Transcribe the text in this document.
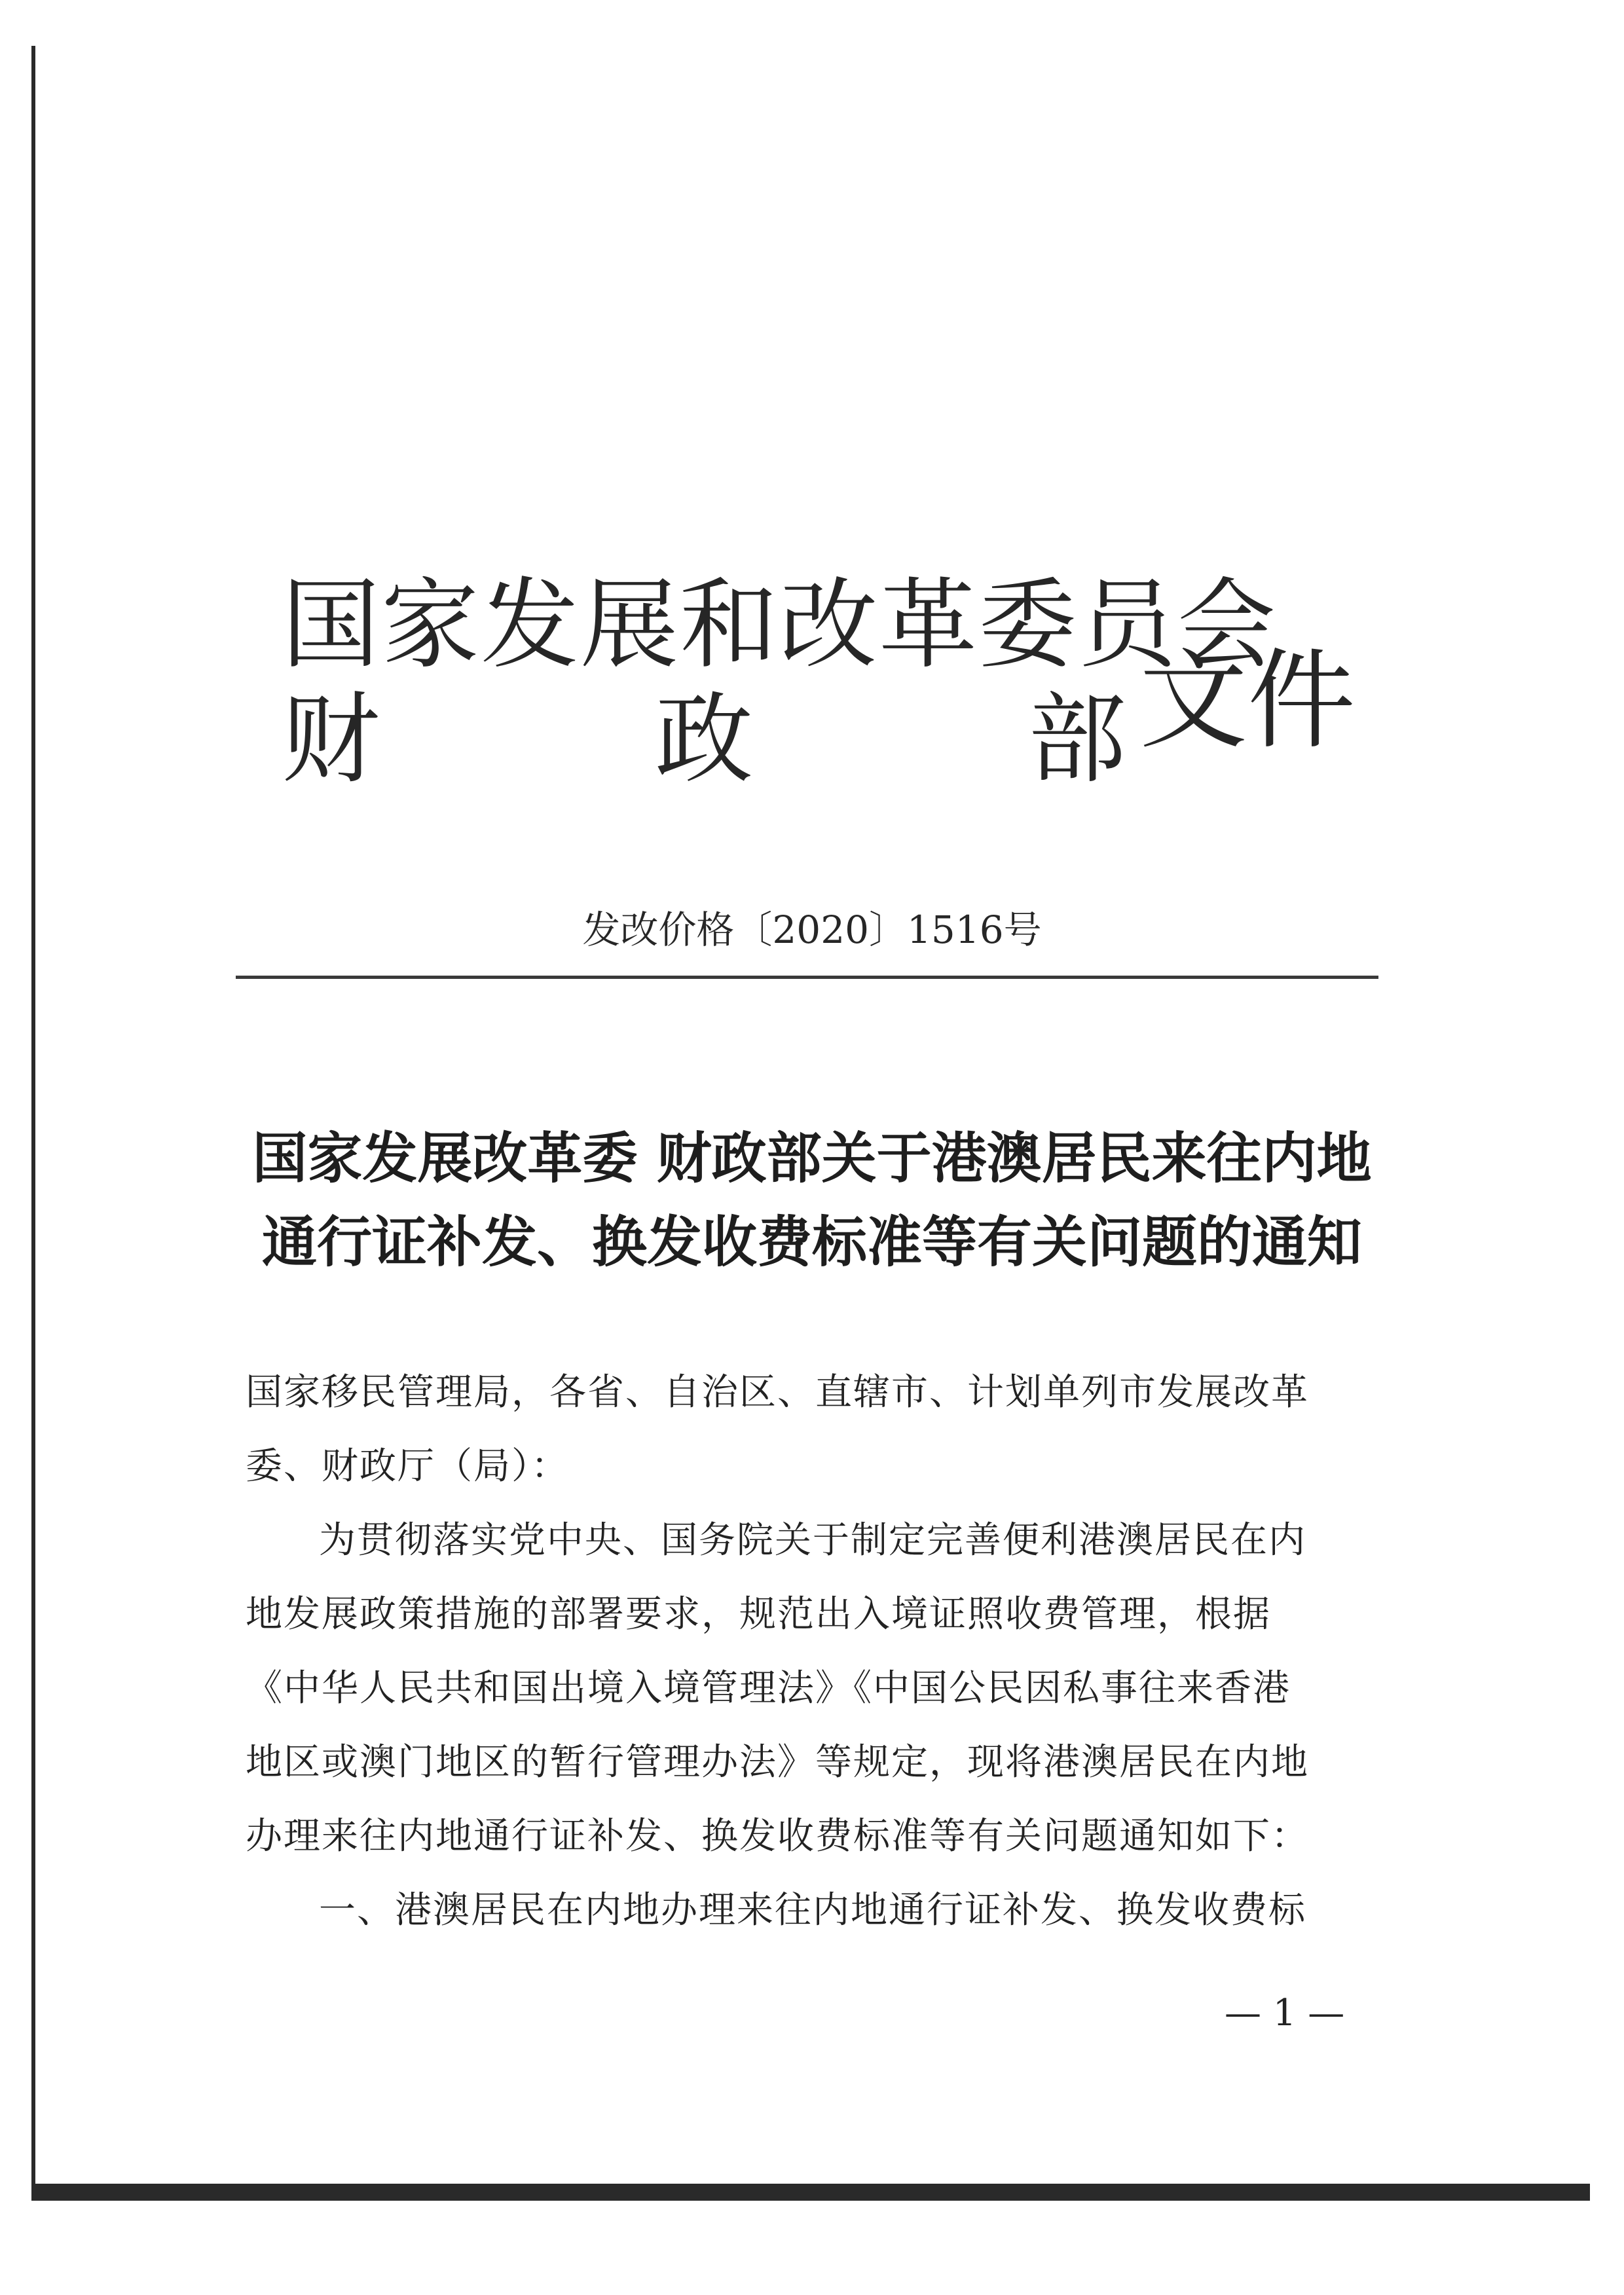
国家发展和改革委员会
财	政	部 文件
发改价格〔2020〕1516号
国家发展改革委 财政部关于港澳居民来往内地
通行证补发、换发收费标准等有关问题的通知

国家移民管理局，各省、自治区、直辖市、计划单列市发展改革

委、财政厅（局）：

为贯彻落实党中央、国务院关于制定完善便利港澳居民在内

地发展政策措施的部署要求，规范出入境证照收费管理，根据

《中华人民共和国出境入境管理法》《中国公民因私事往来香港

地区或澳门地区的暂行管理办法》等规定，现将港澳居民在内地

办理来往内地通行证补发、换发收费标准等有关问题通知如下：

一、港澳居民在内地办理来往内地通行证补发、换发收费标

— 1 —
